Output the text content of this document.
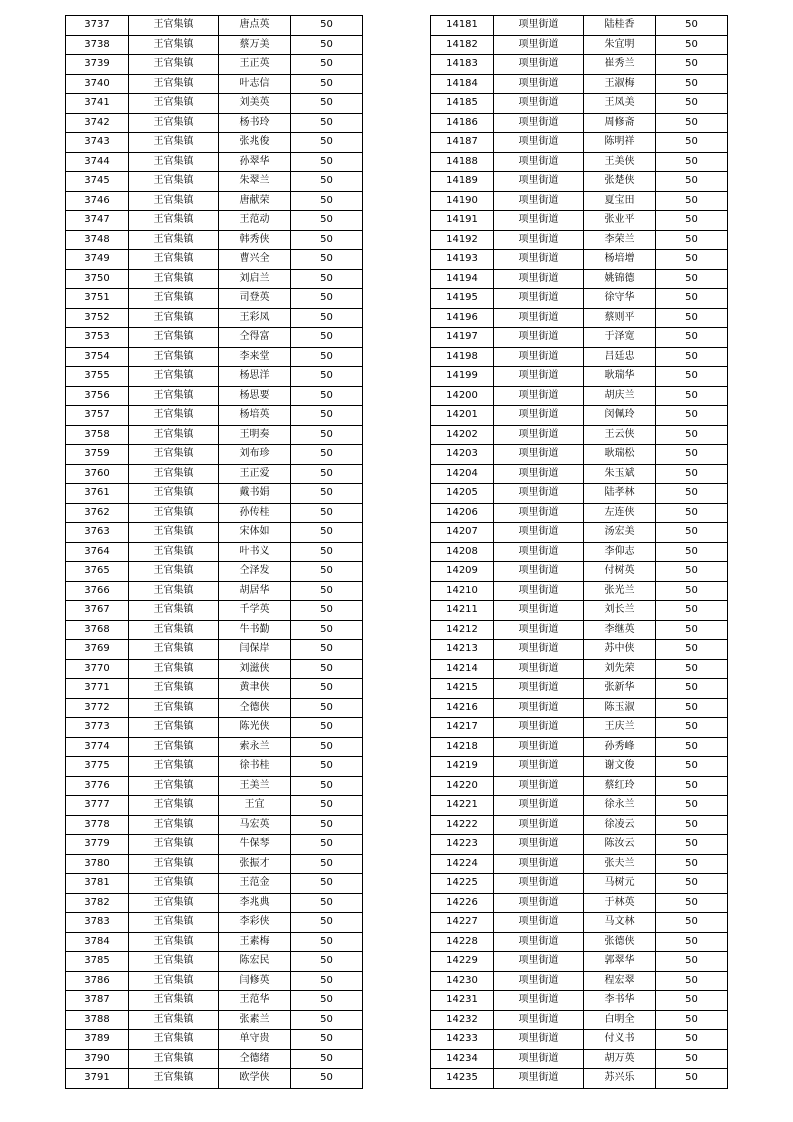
3737	王官集镇	唐点英	50
3738	王官集镇	蔡万美	50
3739	王官集镇	王正英	50
3740	王官集镇	叶志信	50
3741	王官集镇	刘美英	50
3742	王官集镇	杨书玲	50
3743	王官集镇	张兆俊	50
3744	王官集镇	孙翠华	50
3745	王官集镇	朱翠兰	50
3746	王官集镇	唐献荣	50
3747	王官集镇	王范动	50
3748	王官集镇	韩秀侠	50
3749	王官集镇	曹兴全	50
3750	王官集镇	刘启兰	50
3751	王官集镇	司登英	50
3752	王官集镇	王彩凤	50
3753	王官集镇	仝得富	50
3754	王官集镇	李来堂	50
3755	王官集镇	杨思洋	50
3756	王官集镇	杨思要	50
3757	王官集镇	杨培英	50
3758	王官集镇	王明奏	50
3759	王官集镇	刘布珍	50
3760	王官集镇	王正爱	50
3761	王官集镇	戴书娟	50
3762	王官集镇	孙传桂	50
3763	王官集镇	宋体如	50
3764	王官集镇	叶书义	50
3765	王官集镇	仝泽发	50
3766	王官集镇	胡居华	50
3767	王官集镇	千学英	50
3768	王官集镇	牛书勤	50
3769	王官集镇	闫保岸	50
3770	王官集镇	刘滋侠	50
3771	王官集镇	黄聿侠	50
3772	王官集镇	仝德侠	50
3773	王官集镇	陈光侠	50
3774	王官集镇	索永兰	50
3775	王官集镇	徐书桂	50
3776	王官集镇	王美兰	50
3777	王官集镇	王宜	50
3778	王官集镇	马宏英	50
3779	王官集镇	牛保琴	50
3780	王官集镇	张振才	50
3781	王官集镇	王范金	50
3782	王官集镇	李兆典	50
3783	王官集镇	李彩侠	50
3784	王官集镇	王素梅	50
3785	王官集镇	陈宏民	50
3786	王官集镇	闫修英	50
3787	王官集镇	王范华	50
3788	王官集镇	张素兰	50
3789	王官集镇	单守贵	50
3790	王官集镇	仝德绪	50
3791	王官集镇	欧学侠	50
14181	项里街道	陆桂香	50
14182	项里街道	朱宜明	50
14183	项里街道	崔秀兰	50
14184	项里街道	王淑梅	50
14185	项里街道	王凤美	50
14186	项里街道	周修斋	50
14187	项里街道	陈明祥	50
14188	项里街道	王美侠	50
14189	项里街道	张楚侠	50
14190	项里街道	夏宝田	50
14191	项里街道	张业平	50
14192	项里街道	李荣兰	50
14193	项里街道	杨培增	50
14194	项里街道	姚锦德	50
14195	项里街道	徐守华	50
14196	项里街道	蔡则平	50
14197	项里街道	于泽宽	50
14198	项里街道	吕廷忠	50
14199	项里街道	耿瑞华	50
14200	项里街道	胡庆兰	50
14201	项里街道	闵佩玲	50
14202	项里街道	王云侠	50
14203	项里街道	耿瑞松	50
14204	项里街道	朱玉斌	50
14205	项里街道	陆孝林	50
14206	项里街道	左连侠	50
14207	项里街道	汤宏美	50
14208	项里街道	李仰志	50
14209	项里街道	付树英	50
14210	项里街道	张光兰	50
14211	项里街道	刘长兰	50
14212	项里街道	李继英	50
14213	项里街道	苏中侠	50
14214	项里街道	刘先荣	50
14215	项里街道	张新华	50
14216	项里街道	陈玉淑	50
14217	项里街道	王庆兰	50
14218	项里街道	孙秀峰	50
14219	项里街道	谢文俊	50
14220	项里街道	蔡红玲	50
14221	项里街道	徐永兰	50
14222	项里街道	徐凌云	50
14223	项里街道	陈汝云	50
14224	项里街道	张夫兰	50
14225	项里街道	马树元	50
14226	项里街道	于林英	50
14227	项里街道	马文林	50
14228	项里街道	张德侠	50
14229	项里街道	郭翠华	50
14230	项里街道	程宏翠	50
14231	项里街道	李书华	50
14232	项里街道	白明全	50
14233	项里街道	付义书	50
14234	项里街道	胡万英	50
14235	项里街道	苏兴乐	50
